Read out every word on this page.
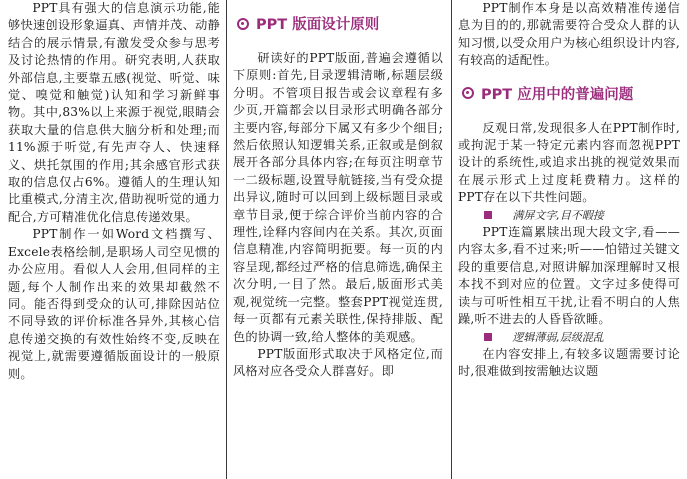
PPT具有强大的信息演示功能,能够快速创设形象逼真、声情并茂、动静结合的展示情景,有激发受众参与思考及讨论热情的作用。研究表明,人获取外部信息,主要靠五感(视觉、听觉、味觉、嗅觉和触觉)认知和学习新鲜事物。其中,83%以上来源于视觉,眼睛会获取大量的信息供大脑分析和处理;而11%源于听觉,有先声夺人、快速释义、烘托氛围的作用;其余感官形式获取的信息仅占6%。遵循人的生理认知比重模式,分清主次,借助视听觉的通力配合,方可精准优化信息传递效果。

PPT制作一如Word文档撰写、Excele表格绘制,是职场人司空见惯的办公应用。看似人人会用,但同样的主题,每个人制作出来的效果却截然不同。能否得到受众的认可,排除因站位不同导致的评价标准各异外,其核心信息传递交换的有效性始终不变,反映在视觉上,就需要遵循版面设计的一般原则。

PPT 版面设计原则

研读好的PPT版面,普遍会遵循以下原则:首先,目录逻辑清晰,标题层级分明。不管项目报告或会议章程有多少页,开篇都会以目录形式明确各部分主要内容,每部分下属又有多少个细目;然后依照认知逻辑关系,正叙或是倒叙展开各部分具体内容;在每页注明章节一二级标题,设置导航链接,当有受众提出异议,随时可以回到上级标题目录或章节目录,便于综合评价当前内容的合理性,诠释内容间内在关系。其次,页面信息精准,内容简明扼要。每一页的内容呈现,都经过严格的信息筛选,确保主次分明,一目了然。最后,版面形式美观,视觉统一完整。整套PPT视觉连贯,每一页都有元素关联性,保持排版、配色的协调一致,给人整体的美观感。

PPT版面形式取决于风格定位,而风格对应各受众人群喜好。即

PPT制作本身是以高效精准传递信息为目的的,那就需要符合受众人群的认知习惯,以受众用户为核心组织设计内容,有较高的适配性。

PPT 应用中的普遍问题

反观日常,发现很多人在PPT制作时,或拘泥于某一特定元素内容而忽视PPT设计的系统性,或追求出挑的视觉效果而在展示形式上过度耗费精力。这样的PPT存在以下共性问题。

满屏文字,目不暇接

PPT连篇累牍出现大段文字,看——内容太多,看不过来;听——怕错过关键文段的重要信息,对照讲解加深理解时又根本找不到对应的位置。文字过多使得可读与可听性相互干扰,让看不明白的人焦躁,听不进去的人昏昏欲睡。

逻辑薄弱,层级混乱

在内容安排上,有较多议题需要讨论时,很难做到按需触达议题
